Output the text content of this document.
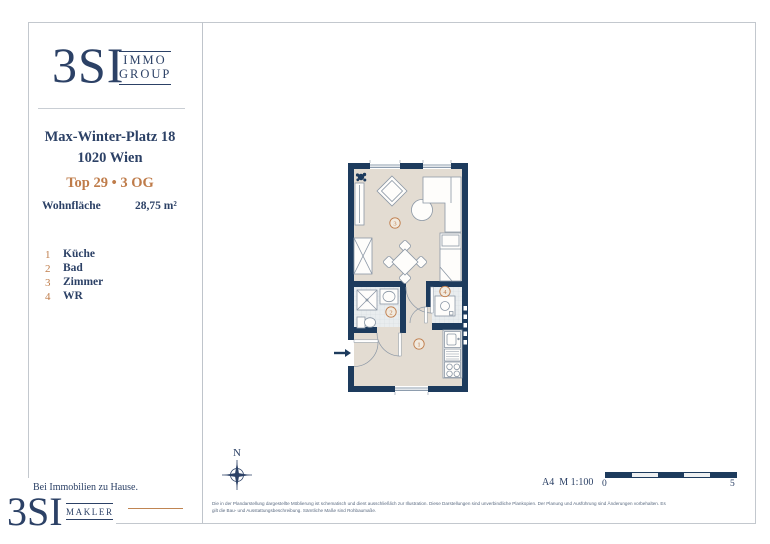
3SI
IMMO
GROUP
Max-Winter-Platz 18
1020 Wien
Top 29 • 3 OG
Wohnfläche	28,75 m²
1 Küche
2 Bad
3 Zimmer
4 WR
3
2
1
4
N
A4  M 1:100 0	5
Die in der Plandarstellung dargestellte Möblierung ist schematisch und dient ausschließlich zur Illustration. Diese Darstellungen sind unverbindliche Plankopien. Der Planung und Ausführung sind Änderungen vorbehalten. Es
gilt die Bau- und Ausstattungsbeschreibung. Sämtliche Maße sind Rohbaumaße.
Bei Immobilien zu Hause.
3SI MAKLER
